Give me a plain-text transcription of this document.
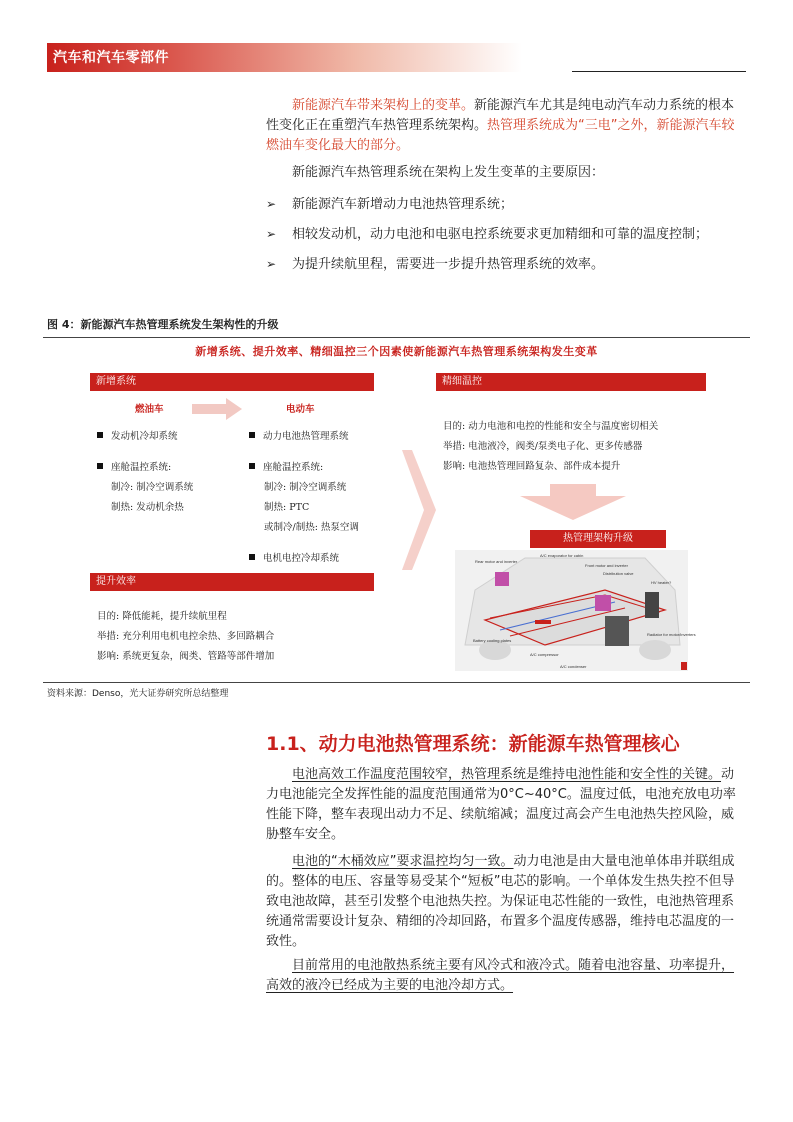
汽车和汽车零部件
新能源汽车带来架构上的变革。新能源汽车尤其是纯电动汽车动力系统的根本性变化正在重塑汽车热管理系统架构。热管理系统成为“三电”之外，新能源汽车较燃油车变化最大的部分。
新能源汽车热管理系统在架构上发生变革的主要原因：
➢ 新能源汽车新增动力电池热管理系统；
➢ 相较发动机，动力电池和电驱电控系统要求更加精细和可靠的温度控制；
➢ 为提升续航里程，需要进一步提升热管理系统的效率。
图 4：新能源汽车热管理系统发生架构性的升级
新增系统、提升效率、精细温控三个因素使新能源汽车热管理系统架构发生变革
新增系统
燃油车	电动车
发动机冷却系统
座舱温控系统:
制冷: 制冷空调系统
制热: 发动机余热
动力电池热管理系统
座舱温控系统:
制冷: 制冷空调系统
制热: PTC
或制冷/制热: 热泵空调
电机电控冷却系统
提升效率
目的: 降低能耗，提升续航里程
举措: 充分利用电机电控余热、多回路耦合
影响: 系统更复杂，阀类、管路等部件增加
精细温控
目的: 动力电池和电控的性能和安全与温度密切相关
举措: 电池液冷，阀类/泵类电子化、更多传感器
影响: 电池热管理回路复杂、部件成本提升
热管理架构升级
A/C evaporator for cabin
Rear motor and inverter
Front motor and inverter
Distribution valve
HV heater?
Battery cooling plates
A/C compressor
A/C condenser
Radiator for motor/inverters
资料来源：Denso，光大证券研究所总结整理
1.1、动力电池热管理系统：新能源车热管理核心
电池高效工作温度范围较窄，热管理系统是维持电池性能和安全性的关键。动力电池能完全发挥性能的温度范围通常为0°C~40°C。温度过低，电池充放电功率性能下降，整车表现出动力不足、续航缩减；温度过高会产生电池热失控风险，威胁整车安全。
电池的“木桶效应”要求温控均匀一致。动力电池是由大量电池单体串并联组成的。整体的电压、容量等易受某个“短板”电芯的影响。一个单体发生热失控不但导致电池故障，甚至引发整个电池热失控。为保证电芯性能的一致性，电池热管理系统通常需要设计复杂、精细的冷却回路，布置多个温度传感器，维持电芯温度的一致性。
目前常用的电池散热系统主要有风冷式和液冷式。随着电池容量、功率提升，高效的液冷已经成为主要的电池冷却方式。
